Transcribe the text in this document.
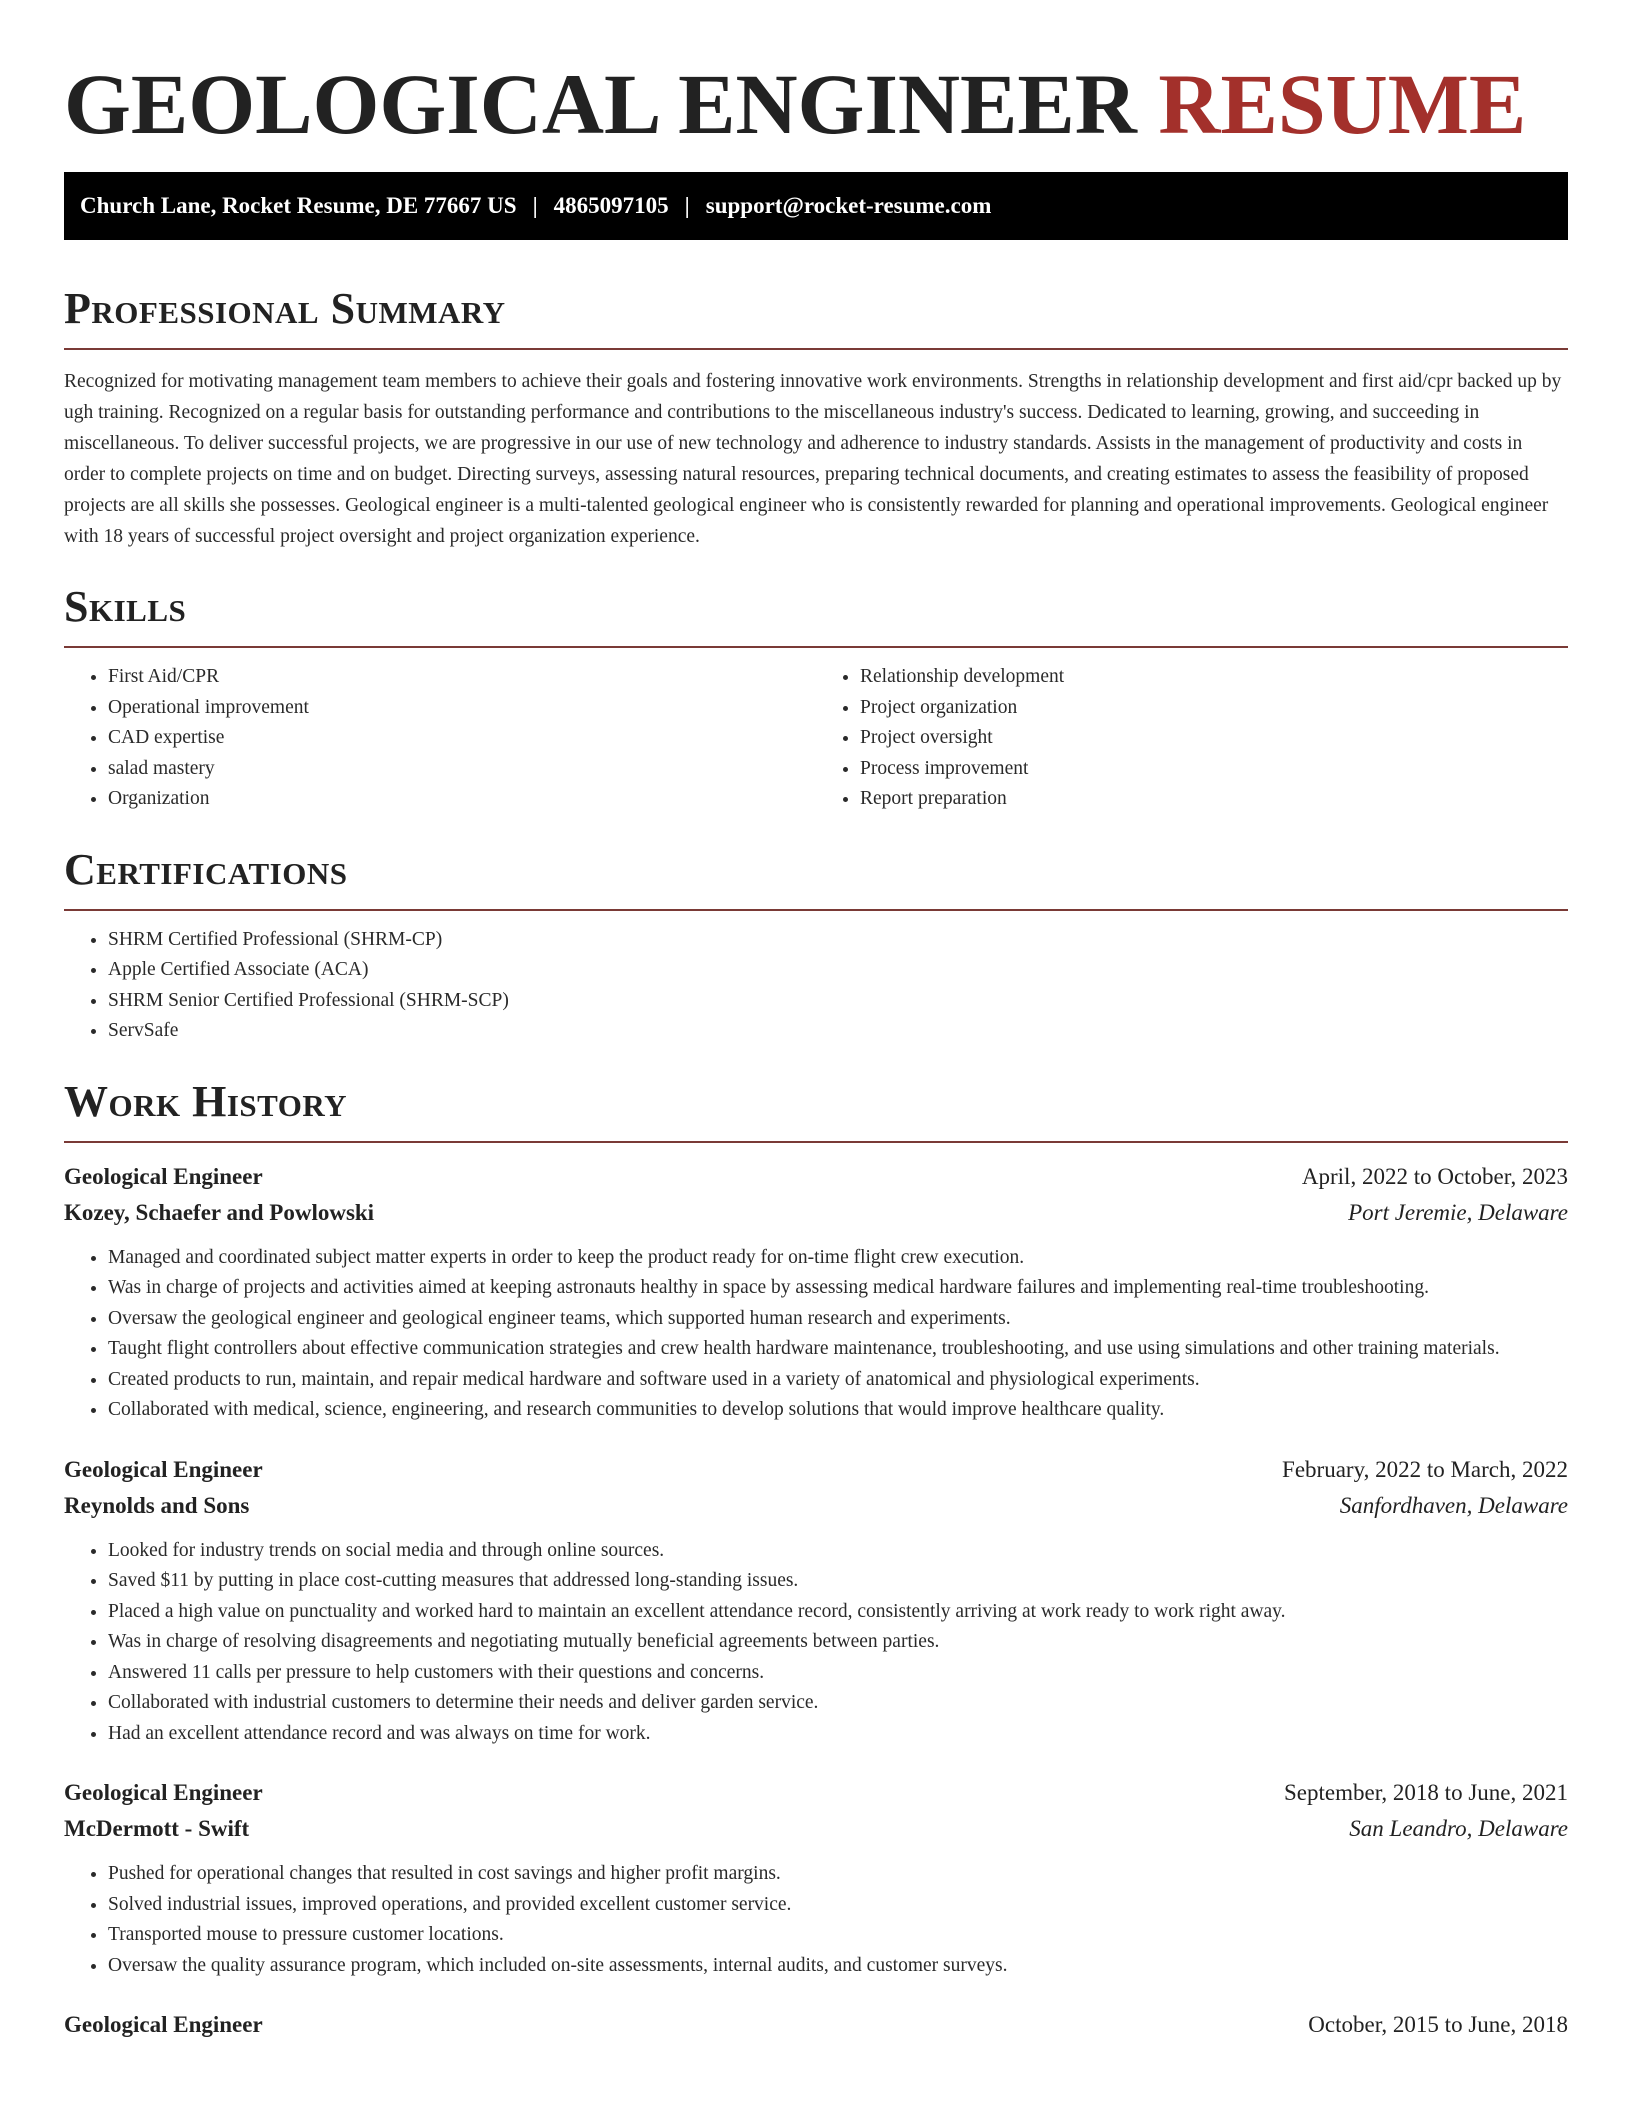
GEOLOGICAL ENGINEER RESUME
Church Lane, Rocket Resume, DE 77667 US | 4865097105 | support@rocket-resume.com
Professional Summary

Recognized for motivating management team members to achieve their goals and fostering innovative work environments. Strengths in relationship development and first aid/cpr backed up by ugh training. Recognized on a regular basis for outstanding performance and contributions to the miscellaneous industry's success. Dedicated to learning, growing, and succeeding in miscellaneous. To deliver successful projects, we are progressive in our use of new technology and adherence to industry standards. Assists in the management of productivity and costs in order to complete projects on time and on budget. Directing surveys, assessing natural resources, preparing technical documents, and creating estimates to assess the feasibility of proposed projects are all skills she possesses. Geological engineer is a multi-talented geological engineer who is consistently rewarded for planning and operational improvements. Geological engineer with 18 years of successful project oversight and project organization experience.

Skills
• First Aid/CPR
• Operational improvement
• CAD expertise
• salad mastery
• Organization
• Relationship development
• Project organization
• Project oversight
• Process improvement
• Report preparation
Certifications
• SHRM Certified Professional (SHRM-CP)
• Apple Certified Associate (ACA)
• SHRM Senior Certified Professional (SHRM-SCP)
• ServSafe
Work History
Geological Engineer	April, 2022 to October, 2023
Kozey, Schaefer and Powlowski	Port Jeremie, Delaware
• Managed and coordinated subject matter experts in order to keep the product ready for on-time flight crew execution.
• Was in charge of projects and activities aimed at keeping astronauts healthy in space by assessing medical hardware failures and implementing real-time troubleshooting.
• Oversaw the geological engineer and geological engineer teams, which supported human research and experiments.
• Taught flight controllers about effective communication strategies and crew health hardware maintenance, troubleshooting, and use using simulations and other training materials.
• Created products to run, maintain, and repair medical hardware and software used in a variety of anatomical and physiological experiments.
• Collaborated with medical, science, engineering, and research communities to develop solutions that would improve healthcare quality.
Geological Engineer	February, 2022 to March, 2022
Reynolds and Sons	Sanfordhaven, Delaware
• Looked for industry trends on social media and through online sources.
• Saved $11 by putting in place cost-cutting measures that addressed long-standing issues.
• Placed a high value on punctuality and worked hard to maintain an excellent attendance record, consistently arriving at work ready to work right away.
• Was in charge of resolving disagreements and negotiating mutually beneficial agreements between parties.
• Answered 11 calls per pressure to help customers with their questions and concerns.
• Collaborated with industrial customers to determine their needs and deliver garden service.
• Had an excellent attendance record and was always on time for work.
Geological Engineer	September, 2018 to June, 2021
McDermott - Swift	San Leandro, Delaware
• Pushed for operational changes that resulted in cost savings and higher profit margins.
• Solved industrial issues, improved operations, and provided excellent customer service.
• Transported mouse to pressure customer locations.
• Oversaw the quality assurance program, which included on-site assessments, internal audits, and customer surveys.
Geological Engineer	October, 2015 to June, 2018
